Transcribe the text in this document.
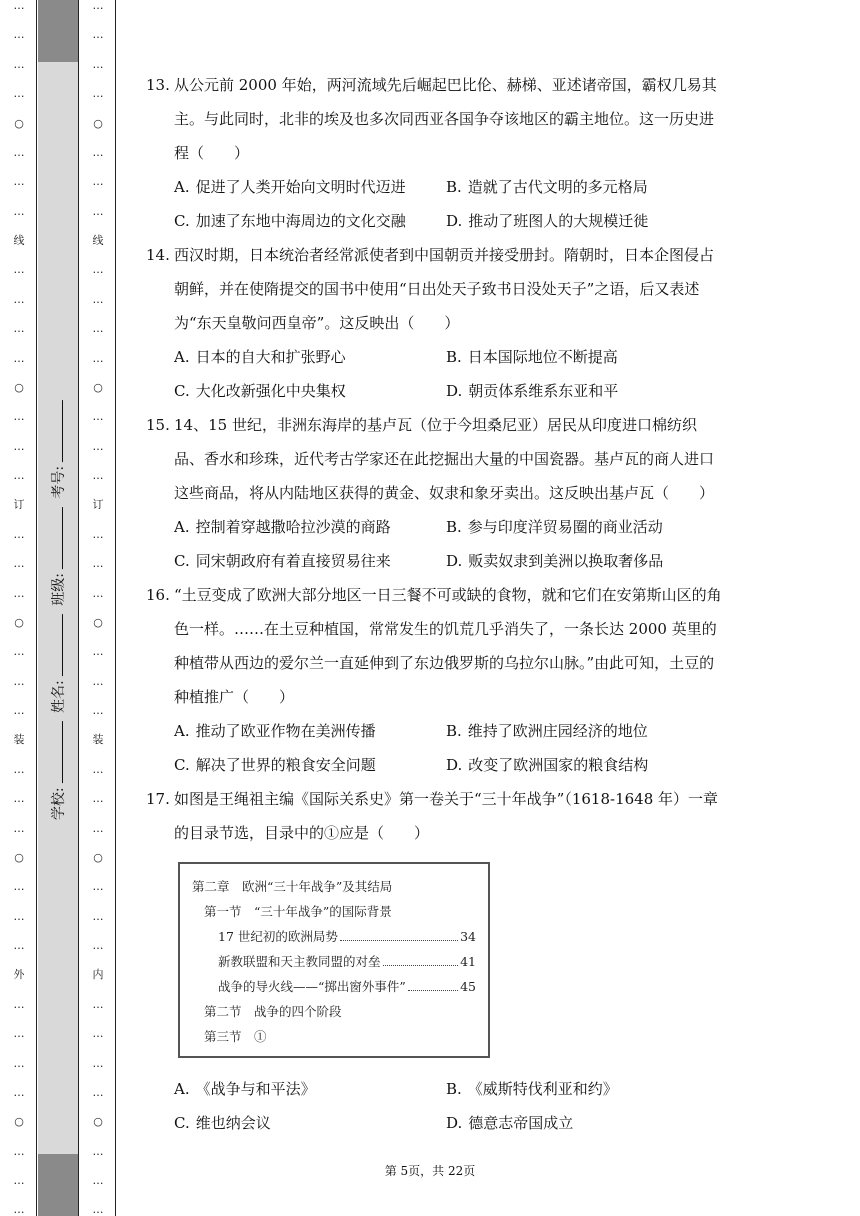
…
…
…
…
○
…
…
…
线
…
…
…
…
○
…
…
…
订
…
…
…
○
…
…
…
装
…
…
…
○
…
…
…
外
…
…
…
…
○
…
…
…
…
…
…
…
○
…
…
…
线
…
…
…
…
○
…
…
…
订
…
…
…
○
…
…
…
装
…
…
…
○
…
…
…
内
…
…
…
…
○
…
…
…
学校: 姓名: 班级: 考号:
13. 从公元前 2000 年始，两河流域先后崛起巴比伦、赫梯、亚述诸帝国，霸权几易其主。与此同时，北非的埃及也多次同西亚各国争夺该地区的霸主地位。这一历史进程（　　）

A. 促进了人类开始向文明时代迈进	B. 造就了古代文明的多元格局
C. 加速了东地中海周边的文化交融	D. 推动了班图人的大规模迁徙
14. 西汉时期，日本统治者经常派使者到中国朝贡并接受册封。隋朝时，日本企图侵占朝鲜，并在使隋提交的国书中使用“日出处天子致书日没处天子”之语，后又表述为“东天皇敬问西皇帝”。这反映出（　　）

A. 日本的自大和扩张野心	B. 日本国际地位不断提高
C. 大化改新强化中央集权	D. 朝贡体系维系东亚和平
15. 14、15 世纪，非洲东海岸的基卢瓦（位于今坦桑尼亚）居民从印度进口棉纺织品、香水和珍珠，近代考古学家还在此挖掘出大量的中国瓷器。基卢瓦的商人进口这些商品，将从内陆地区获得的黄金、奴隶和象牙卖出。这反映出基卢瓦（　　）

A. 控制着穿越撒哈拉沙漠的商路	B. 参与印度洋贸易圈的商业活动
C. 同宋朝政府有着直接贸易往来	D. 贩卖奴隶到美洲以换取奢侈品
16. “土豆变成了欧洲大部分地区一日三餐不可或缺的食物，就和它们在安第斯山区的角色一样。……在土豆种植国，常常发生的饥荒几乎消失了，一条长达 2000 英里的种植带从西边的爱尔兰一直延伸到了东边俄罗斯的乌拉尔山脉。”由此可知，土豆的种植推广（　　）

A. 推动了欧亚作物在美洲传播	B. 维持了欧洲庄园经济的地位
C. 解决了世界的粮食安全问题	D. 改变了欧洲国家的粮食结构
17. 如图是王绳祖主编《国际关系史》第一卷关于“三十年战争”（1618-1648 年）一章的目录节选，目录中的①应是（　　）

第二章　欧洲“三十年战争”及其结局
第一节　“三十年战争”的国际背景
17 世纪初的欧洲局势	34
新教联盟和天主教同盟的对垒	41
战争的导火线——“掷出窗外事件”	45
第二节　战争的四个阶段
第三节　①
A. 《战争与和平法》	B. 《威斯特伐利亚和约》
C. 维也纳会议	D. 德意志帝国成立
第 5页，共 22页
